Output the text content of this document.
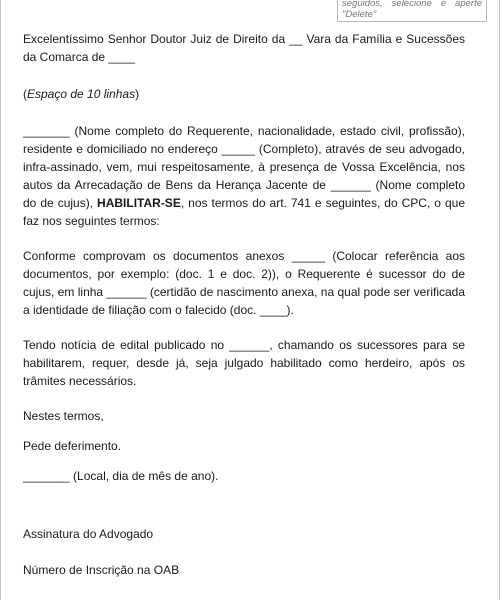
seguidos, selecione e aperte
"Delete"

Excelentíssimo Senhor Doutor Juiz de Direito da __ Vara da Família e Sucessões da Comarca de ____

(Espaço de 10 linhas)

_______ (Nome completo do Requerente, nacionalidade, estado civil, profissão), residente e domiciliado no endereço _____ (Completo), através de seu advogado, infra-assinado, vem, mui respeitosamente, à presença de Vossa Excelência, nos autos da Arrecadação de Bens da Herança Jacente de ______ (Nome completo do de cujus), HABILITAR-SE, nos termos do art. 741 e seguintes, do CPC, o que faz nos seguintes termos:

Conforme comprovam os documentos anexos _____ (Colocar referência aos documentos, por exemplo: (doc. 1 e doc. 2)), o Requerente é sucessor do de cujus, em linha ______ (certidão de nascimento anexa, na qual pode ser verificada a identidade de filiação com o falecido (doc. ____).

Tendo notícia de edital publicado no ______, chamando os sucessores para se habilitarem, requer, desde já, seja julgado habilitado como herdeiro, após os trâmites necessários.

Nestes termos,

Pede deferimento.

_______ (Local, dia de mês de ano).

Assinatura do Advogado

Número de Inscrição na OAB
